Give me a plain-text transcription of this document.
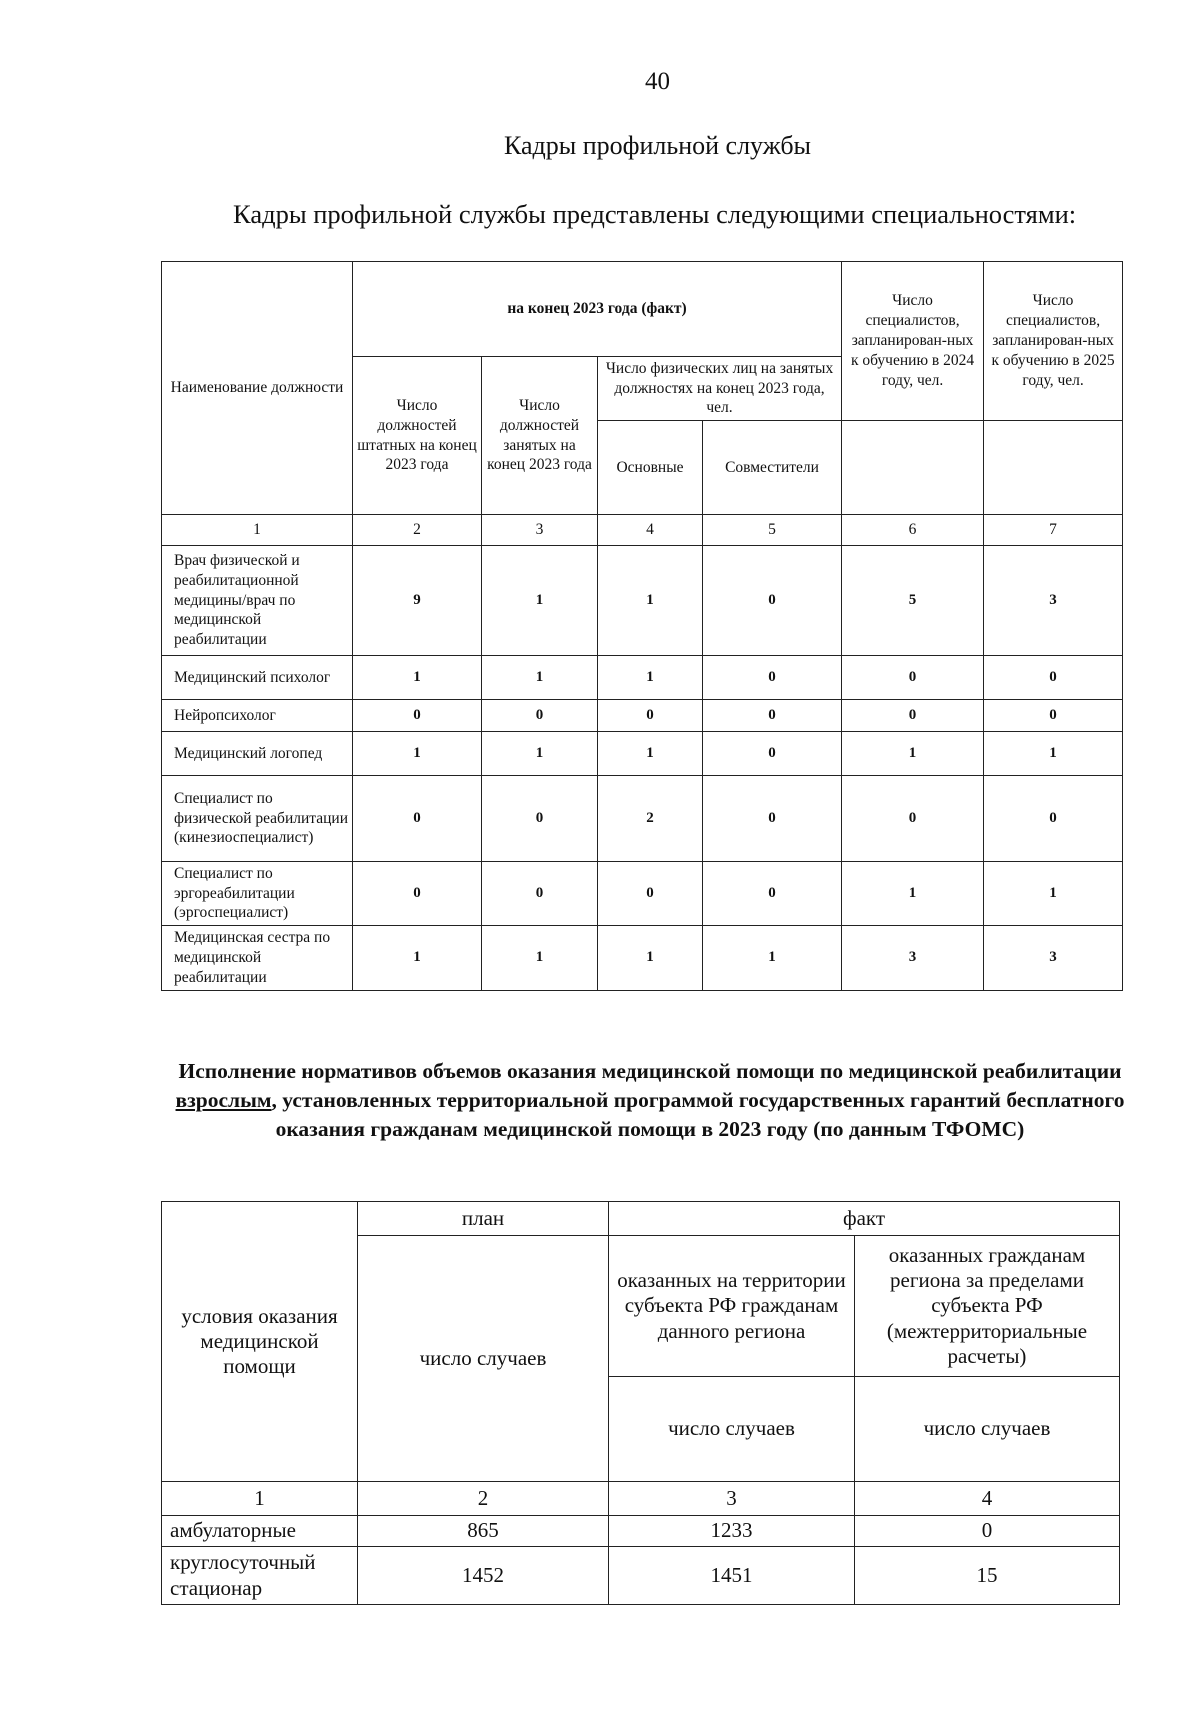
40
Кадры профильной службы
Кадры профильной службы представлены следующими специальностями:
Наименование должности	на конец 2023 года (факт)				Число специалистов, запланирован-ных к обучению в 2024 году, чел.	Число специалистов, запланирован-ных к обучению в 2025 году, чел.
	Число должностей штатных на конец 2023 года	Число должностей занятых на конец 2023 года	Число физических лиц на занятых должностях на конец 2023 года, чел.			
			Основные	Совместители		
1	2	3	4	5	6	7
Врач физической и реабилитационной медицины/врач по медицинской реабилитации	9	1	1	0	5	3
Медицинский психолог	1	1	1	0	0	0
Нейропсихолог	0	0	0	0	0	0
Медицинский логопед	1	1	1	0	1	1
Специалист по физической реабилитации (кинезиоспециалист)	0	0	2	0	0	0
Специалист по эргореабилитации (эргоспециалист)	0	0	0	0	1	1
Медицинская сестра по медицинской реабилитации	1	1	1	1	3	3
Исполнение нормативов объемов оказания медицинской помощи по медицинской реабилитации взрослым, установленных территориальной программой государственных гарантий бесплатного оказания гражданам медицинской помощи в 2023 году (по данным ТФОМС)
условия оказания медицинской помощи	план	факт	
	число случаев	оказанных на территории субъекта РФ гражданам данного региона	оказанных гражданам региона за пределами субъекта РФ (межтерриториальные расчеты)
		число случаев	число случаев
1	2	3	4
амбулаторные	865	1233	0
круглосуточный стационар	1452	1451	15
